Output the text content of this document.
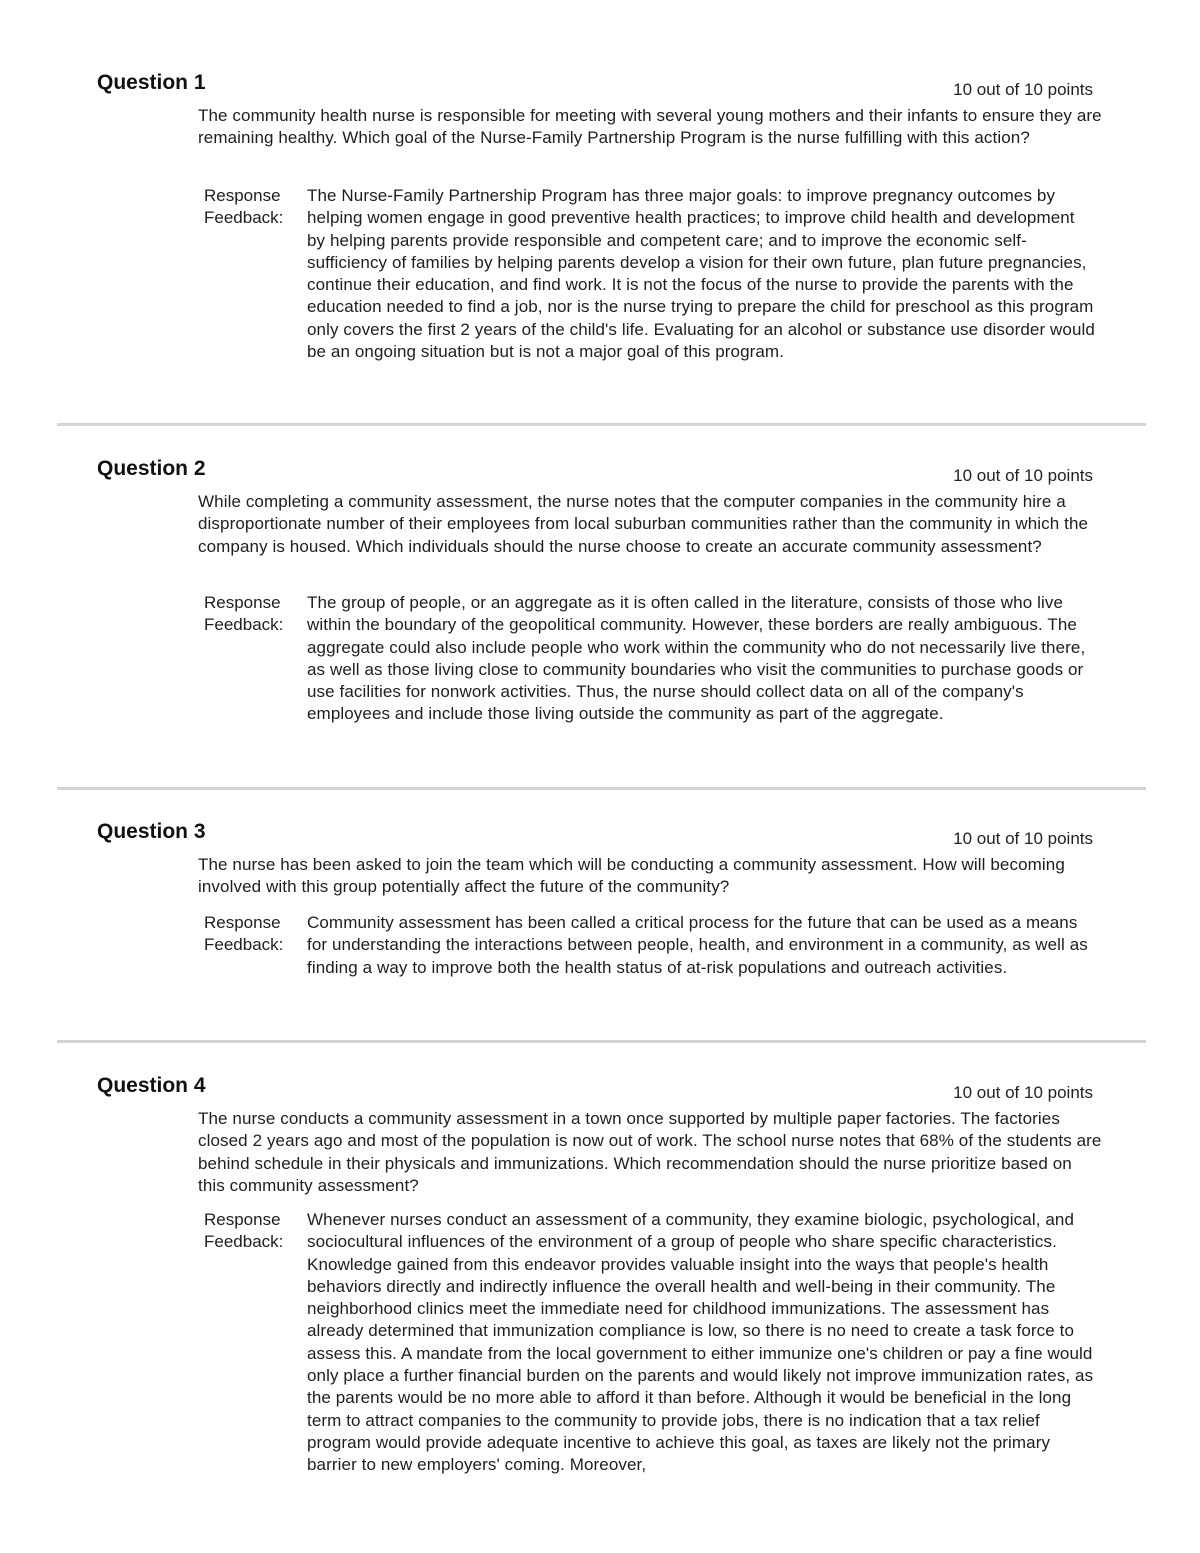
Question 1	10 out of 10 points
The community health nurse is responsible for meeting with several young mothers and their infants to ensure they are remaining healthy. Which goal of the Nurse-Family Partnership Program is the nurse fulfilling with this action?
Response
Feedback:
The Nurse-Family Partnership Program has three major goals: to improve pregnancy outcomes by helping women engage in good preventive health practices; to improve child health and development by helping parents provide responsible and competent care; and to improve the economic self-sufficiency of families by helping parents develop a vision for their own future, plan future pregnancies, continue their education, and find work. It is not the focus of the nurse to provide the parents with the education needed to find a job, nor is the nurse trying to prepare the child for preschool as this program only covers the first 2 years of the child's life. Evaluating for an alcohol or substance use disorder would be an ongoing situation but is not a major goal of this program.
Question 2	10 out of 10 points
While completing a community assessment, the nurse notes that the computer companies in the community hire a disproportionate number of their employees from local suburban communities rather than the community in which the company is housed. Which individuals should the nurse choose to create an accurate community assessment?
Response
Feedback:
The group of people, or an aggregate as it is often called in the literature, consists of those who live within the boundary of the geopolitical community. However, these borders are really ambiguous. The aggregate could also include people who work within the community who do not necessarily live there, as well as those living close to community boundaries who visit the communities to purchase goods or use facilities for nonwork activities. Thus, the nurse should collect data on all of the company's employees and include those living outside the community as part of the aggregate.
Question 3	10 out of 10 points
The nurse has been asked to join the team which will be conducting a community assessment. How will becoming involved with this group potentially affect the future of the community?
Response
Feedback:
Community assessment has been called a critical process for the future that can be used as a means for understanding the interactions between people, health, and environment in a community, as well as finding a way to improve both the health status of at-risk populations and outreach activities.
Question 4	10 out of 10 points
The nurse conducts a community assessment in a town once supported by multiple paper factories. The factories closed 2 years ago and most of the population is now out of work. The school nurse notes that 68% of the students are behind schedule in their physicals and immunizations. Which recommendation should the nurse prioritize based on this community assessment?
Response
Feedback:
Whenever nurses conduct an assessment of a community, they examine biologic, psychological, and sociocultural influences of the environment of a group of people who share specific characteristics. Knowledge gained from this endeavor provides valuable insight into the ways that people's health behaviors directly and indirectly influence the overall health and well-being in their community. The neighborhood clinics meet the immediate need for childhood immunizations. The assessment has already determined that immunization compliance is low, so there is no need to create a task force to assess this. A mandate from the local government to either immunize one's children or pay a fine would only place a further financial burden on the parents and would likely not improve immunization rates, as the parents would be no more able to afford it than before. Although it would be beneficial in the long term to attract companies to the community to provide jobs, there is no indication that a tax relief program would provide adequate incentive to achieve this goal, as taxes are likely not the primary barrier to new employers' coming. Moreover,
